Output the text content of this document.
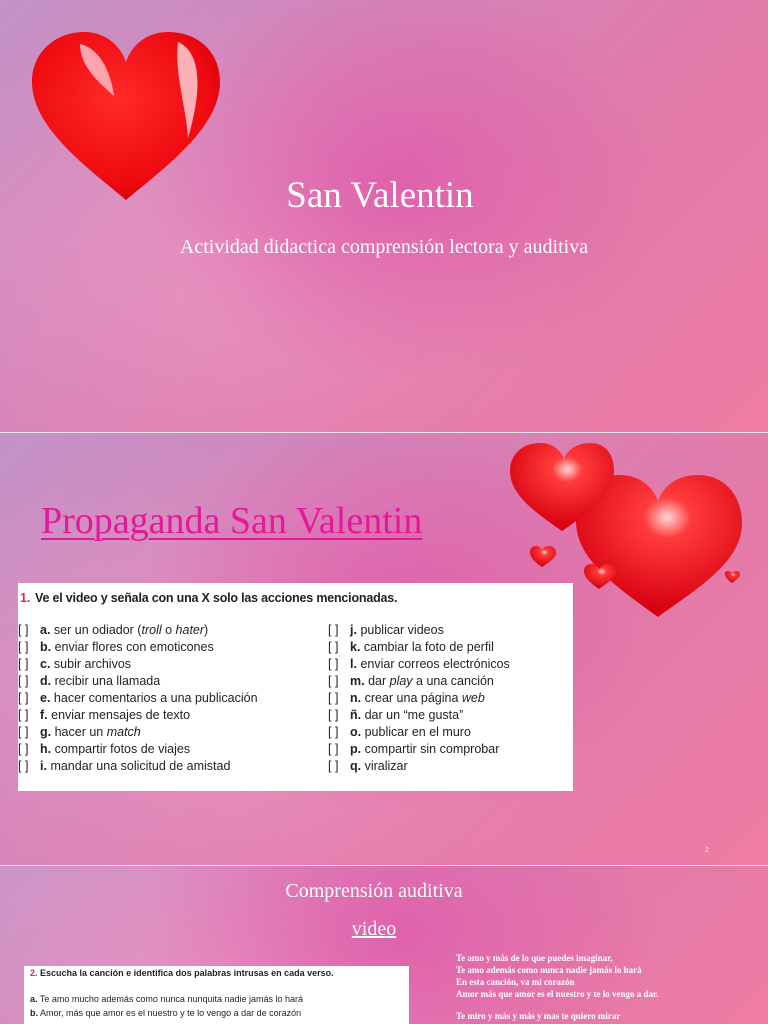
San Valentin
Actividad didactica comprensión lectora y auditiva
Propaganda San Valentin
1. Ve el video y señala con una X solo las acciones mencionadas.
[ ] a. ser un odiador (troll o hater)
[ ] b. enviar flores con emoticones
[ ] c. subir archivos
[ ] d. recibir una llamada
[ ] e. hacer comentarios a una publicación
[ ] f. enviar mensajes de texto
[ ] g. hacer un match
[ ] h. compartir fotos de viajes
[ ] i. mandar una solicitud de amistad
[ ] j. publicar videos
[ ] k. cambiar la foto de perfil
[ ] l. enviar correos electrónicos
[ ] m. dar play a una canción
[ ] n. crear una página web
[ ] ñ. dar un “me gusta”
[ ] o. publicar en el muro
[ ] p. compartir sin comprobar
[ ] q. viralizar
2
Comprensión auditiva
video
2. Escucha la canción e identifica dos palabras intrusas en cada verso.
a. Te amo mucho además como nunca nunquita nadie jamás lo hará
b. Amor, más que amor es el nuestro y te lo vengo a dar de corazón
Te amo y más de lo que puedes imaginar,
Te amo además como nunca nadie jamás lo hará
En esta canción, va mi corazón
Amor más que amor es el nuestro y te lo vengo a dar.
Te miro y más y más y mas te quiero mirar
